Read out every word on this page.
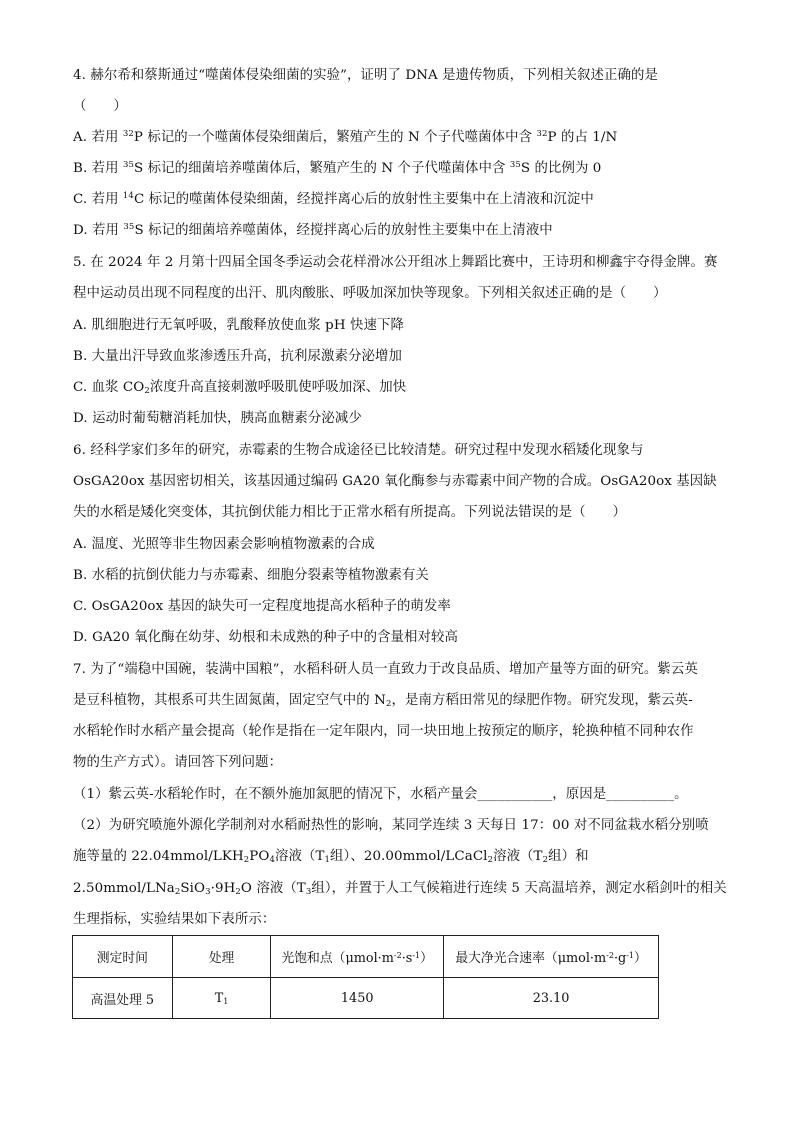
4. 赫尔希和蔡斯通过“噬菌体侵染细菌的实验”，证明了 DNA 是遗传物质，下列相关叙述正确的是
（　　）
A. 若用 $^{32}$P 标记的一个噬菌体侵染细菌后，繁殖产生的 N 个子代噬菌体中含 $^{32}$P 的占 1/N
B. 若用 $^{35}$S 标记的细菌培养噬菌体后，繁殖产生的 N 个子代噬菌体中含 $^{35}$S 的比例为 0
C. 若用 $^{14}$C 标记的噬菌体侵染细菌，经搅拌离心后的放射性主要集中在上清液和沉淀中
D. 若用 $^{35}$S 标记的细菌培养噬菌体，经搅拌离心后的放射性主要集中在上清液中
5. 在 2024 年 2 月第十四届全国冬季运动会花样滑冰公开组冰上舞蹈比赛中，王诗玥和柳鑫宇夺得金牌。赛
程中运动员出现不同程度的出汗、肌肉酸胀、呼吸加深加快等现象。下列相关叙述正确的是（　　）
A. 肌细胞进行无氧呼吸，乳酸释放使血浆 pH 快速下降
B. 大量出汗导致血浆渗透压升高，抗利尿激素分泌增加
C. 血浆 $CO_2$浓度升高直接刺激呼吸肌使呼吸加深、加快
D. 运动时葡萄糖消耗加快，胰高血糖素分泌减少
6. 经科学家们多年的研究，赤霉素的生物合成途径已比较清楚。研究过程中发现水稻矮化现象与
OsGA20ox 基因密切相关，该基因通过编码 GA20 氧化酶参与赤霉素中间产物的合成。OsGA20ox 基因缺
失的水稻是矮化突变体，其抗倒伏能力相比于正常水稻有所提高。下列说法错误的是（　　）
A. 温度、光照等非生物因素会影响植物激素的合成
B. 水稻的抗倒伏能力与赤霉素、细胞分裂素等植物激素有关
C. OsGA20ox 基因的缺失可一定程度地提高水稻种子的萌发率
D. GA20 氧化酶在幼芽、幼根和未成熟的种子中的含量相对较高
7. 为了“端稳中国碗，装满中国粮”，水稻科研人员一直致力于改良品质、增加产量等方面的研究。紫云英
是豆科植物，其根系可共生固氮菌，固定空气中的 $N_2$，是南方稻田常见的绿肥作物。研究发现，紫云英-
水稻轮作时水稻产量会提高（轮作是指在一定年限内，同一块田地上按预定的顺序，轮换种植不同种农作
物的生产方式）。请回答下列问题：
（1）紫云英-水稻轮作时，在不额外施加氮肥的情况下，水稻产量会___________，原因是__________。
（2）为研究喷施外源化学制剂对水稻耐热性的影响，某同学连续 3 天每日 17：00 对不同盆栽水稻分别喷
施等量的 $22.04mmol/LKH_2PO_4$溶液（$T_1$组）、20.00mmol/LCaCl$_2$溶液（$T_2$组）和
$2.50mmol/LNa_2SiO_3\cdot 9H_2O$ 溶液（$T_3$组），并置于人工气候箱进行连续 5 天高温培养，测定水稻剑叶的相关
生理指标，实验结果如下表所示：
测定时间	处理	光饱和点$(\mu mol\cdot m^{-2}\cdot s^{-1})$	最大净光合速率$(\mu mol\cdot m^{-2}\cdot g^{-1})$
高温处理 5	$T_1$	1450	23.10
